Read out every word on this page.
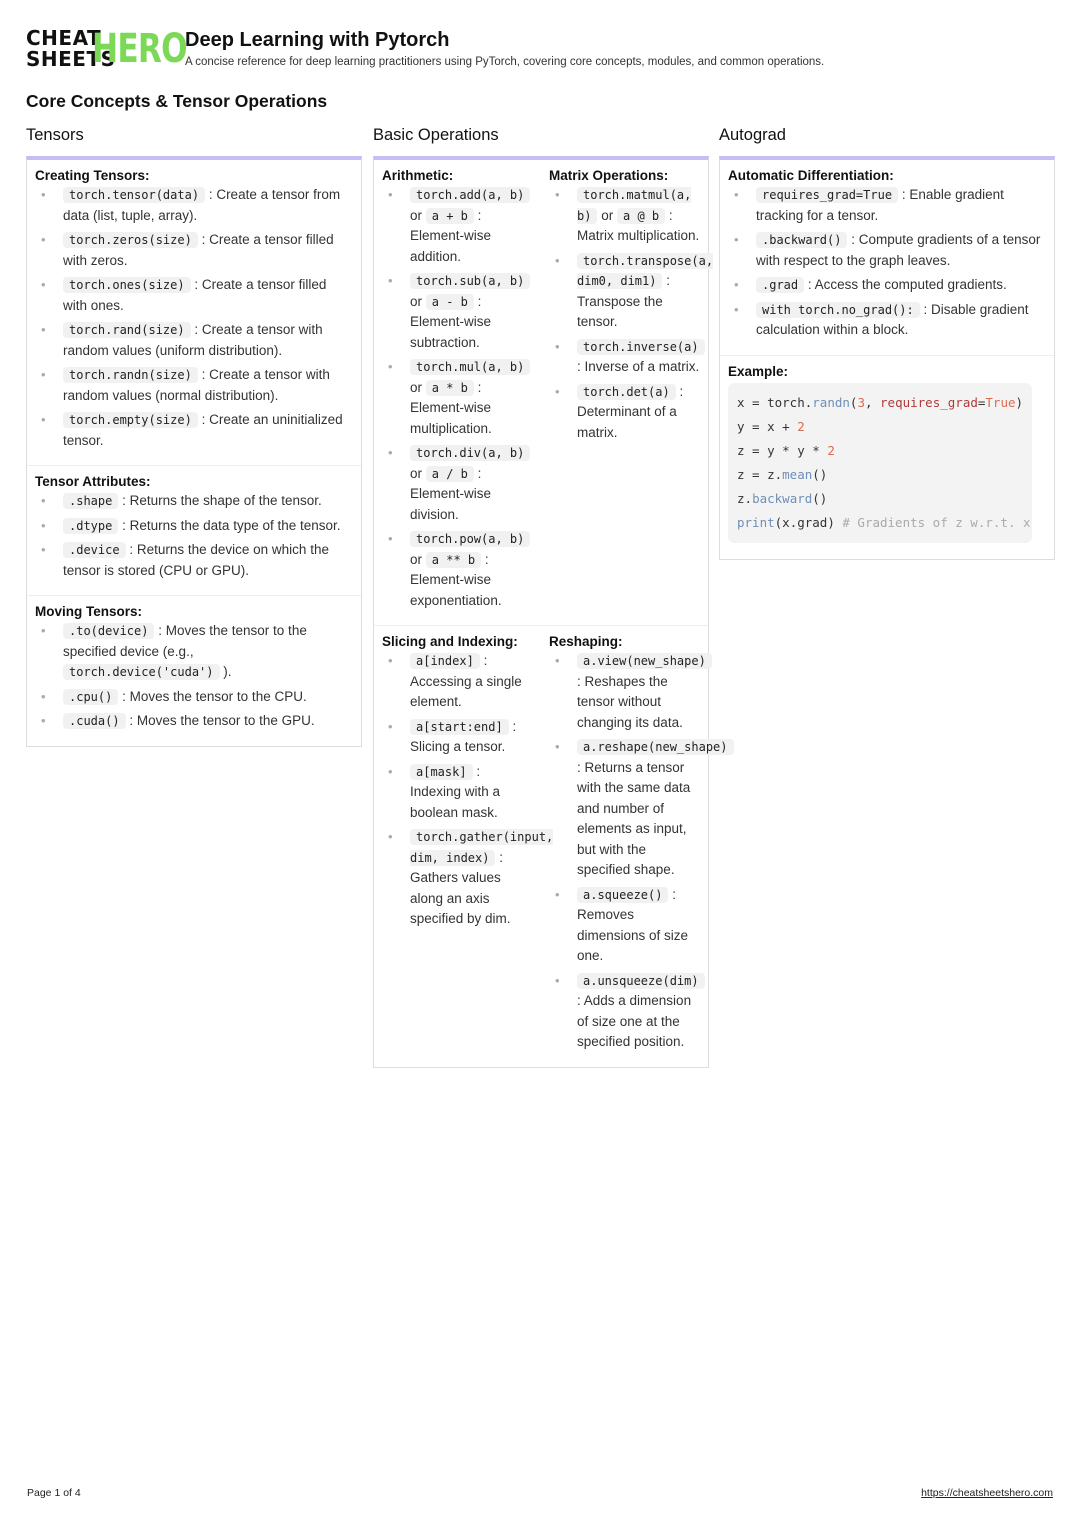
CHEAT
SHEETS
HERO
Deep Learning with Pytorch
A concise reference for deep learning practitioners using PyTorch, covering core concepts, modules, and common operations.
Core Concepts & Tensor Operations
Tensors
Creating Tensors:
• torch.tensor(data) : Create a tensor from data (list, tuple, array).
• torch.zeros(size) : Create a tensor filled with zeros.
• torch.ones(size) : Create a tensor filled with ones.
• torch.rand(size) : Create a tensor with random values (uniform distribution).
• torch.randn(size) : Create a tensor with random values (normal distribution).
• torch.empty(size) : Create an uninitialized tensor.
Tensor Attributes:
• .shape : Returns the shape of the tensor.
• .dtype : Returns the data type of the tensor.
• .device : Returns the device on which the tensor is stored (CPU or GPU).
Moving Tensors:
• .to(device) : Moves the tensor to the specified device (e.g., torch.device('cuda') ).
• .cpu() : Moves the tensor to the CPU.
• .cuda() : Moves the tensor to the GPU.
Basic Operations
Arithmetic:
• torch.add(a, b) or a + b : Element-wise addition.
• torch.sub(a, b) or a - b : Element-wise subtraction.
• torch.mul(a, b) or a * b : Element-wise multiplication.
• torch.div(a, b) or a / b : Element-wise division.
• torch.pow(a, b) or a ** b : Element-wise exponentiation.
Matrix Operations:
• torch.matmul(a, b) or a @ b : Matrix multiplication.
• torch.transpose(a, dim0, dim1) : Transpose the tensor.
• torch.inverse(a) : Inverse of a matrix.
• torch.det(a) : Determinant of a matrix.
Slicing and Indexing:
• a[index] : Accessing a single element.
• a[start:end] : Slicing a tensor.
• a[mask] : Indexing with a boolean mask.
• torch.gather(input, dim, index) : Gathers values along an axis specified by dim.
Reshaping:
• a.view(new_shape) : Reshapes the tensor without changing its data.
• a.reshape(new_shape) : Returns a tensor with the same data and number of elements as input, but with the specified shape.
• a.squeeze() : Removes dimensions of size one.
• a.unsqueeze(dim) : Adds a dimension of size one at the specified position.
Autograd
Automatic Differentiation:
• requires_grad=True : Enable gradient tracking for a tensor.
• .backward() : Compute gradients of a tensor with respect to the graph leaves.
• .grad : Access the computed gradients.
• with torch.no_grad(): : Disable gradient calculation within a block.
Example:
x = torch.randn(3, requires_grad=True)
y = x + 2
z = y * y * 2
z = z.mean()
z.backward()
print(x.grad) # Gradients of z w.r.t. x
Page 1 of 4	https://cheatsheetshero.com
